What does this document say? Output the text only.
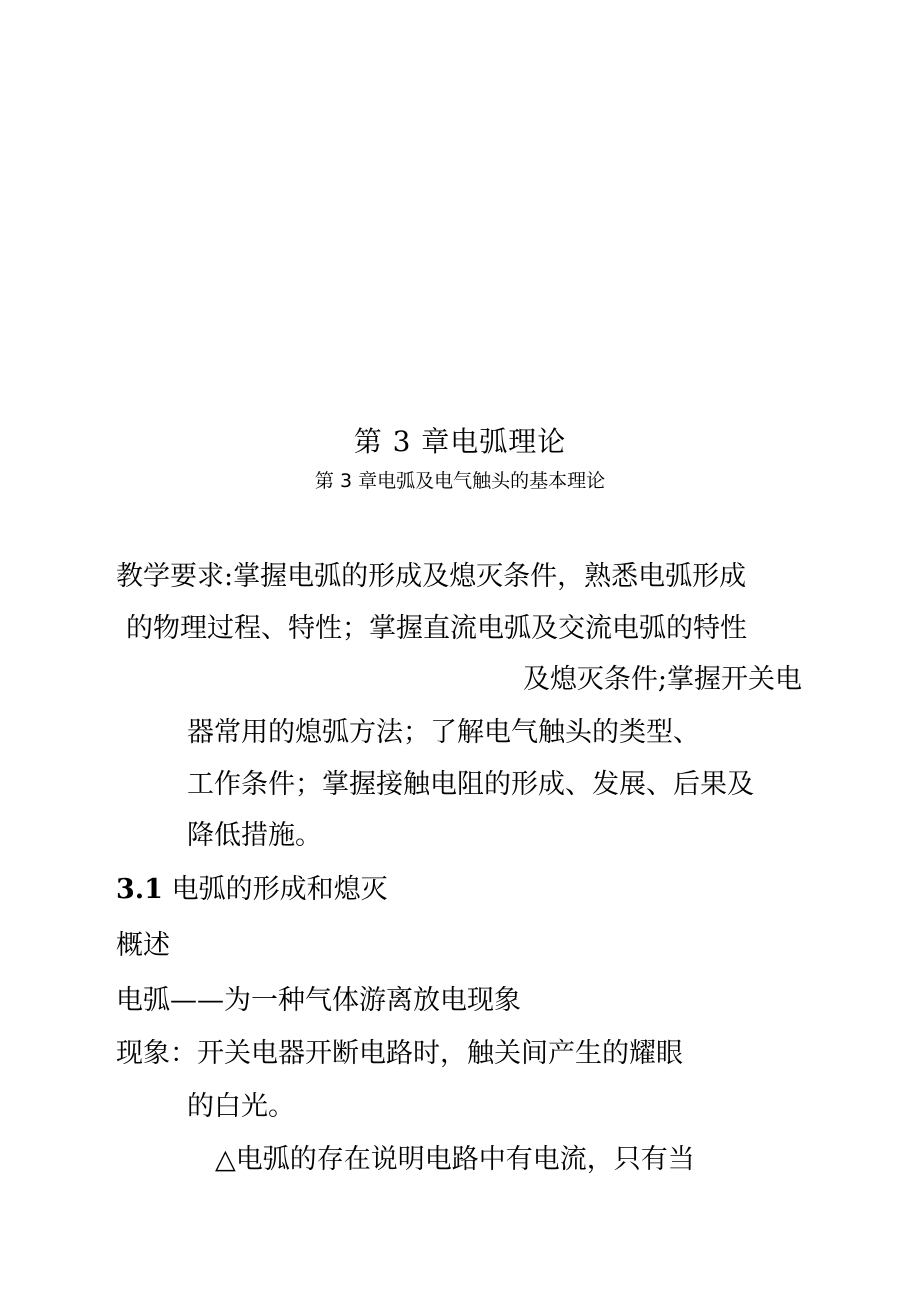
第 3 章电弧理论
第 3 章电弧及电气触头的基本理论
教学要求:掌握电弧的形成及熄灭条件，熟悉电弧形成
的物理过程、特性；掌握直流电弧及交流电弧的特性
及熄灭条件;掌握开关电
器常用的熄弧方法；了解电气触头的类型、
工作条件；掌握接触电阻的形成、发展、后果及
降低措施。
3.1 电弧的形成和熄灭
概述
电弧——为一种气体游离放电现象
现象：开关电器开断电路时，触关间产生的耀眼
的白光。
△电弧的存在说明电路中有电流，只有当
